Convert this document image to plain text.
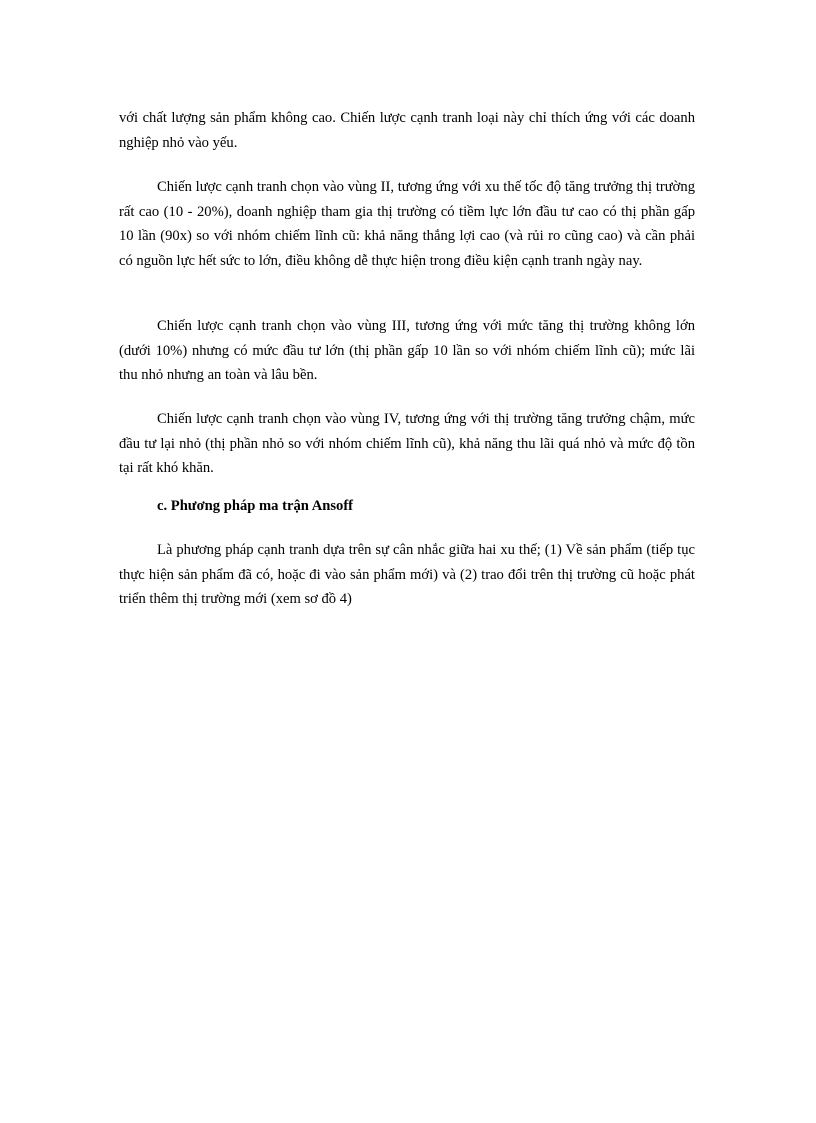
với chất lượng sản phẩm không cao. Chiến lược cạnh tranh loại này chỉ thích ứng với các doanh nghiệp nhỏ vào yếu.

Chiến lược cạnh tranh chọn vào vùng II, tương ứng với xu thế tốc độ tăng trưởng thị trường rất cao (10 - 20%), doanh nghiệp tham gia thị trường có tiềm lực lớn đầu tư cao có thị phần gấp 10 lần (90x) so với nhóm chiếm lĩnh cũ: khả năng thắng lợi cao (và rủi ro cũng cao) và cần phải có nguồn lực hết sức to lớn, điều không dễ thực hiện trong điều kiện cạnh tranh ngày nay.

Chiến lược cạnh tranh chọn vào vùng III, tương ứng với mức tăng thị trường không lớn (dưới 10%) nhưng có mức đầu tư lớn (thị phần gấp 10 lần so với nhóm chiếm lĩnh cũ); mức lãi thu nhỏ nhưng an toàn và lâu bền.

Chiến lược cạnh tranh chọn vào vùng IV, tương ứng với thị trường tăng trưởng chậm, mức đầu tư lại nhỏ (thị phần nhỏ so với nhóm chiếm lĩnh cũ), khả năng thu lãi quá nhỏ và mức độ tồn tại rất khó khăn.

c. Phương pháp ma trận Ansoff

Là phương pháp cạnh tranh dựa trên sự cân nhắc giữa hai xu thế; (1) Về sản phẩm (tiếp tục thực hiện sản phẩm đã có, hoặc đi vào sản phẩm mới) và (2) trao đổi trên thị trường cũ hoặc phát triển thêm thị trường mới (xem sơ đồ 4)
